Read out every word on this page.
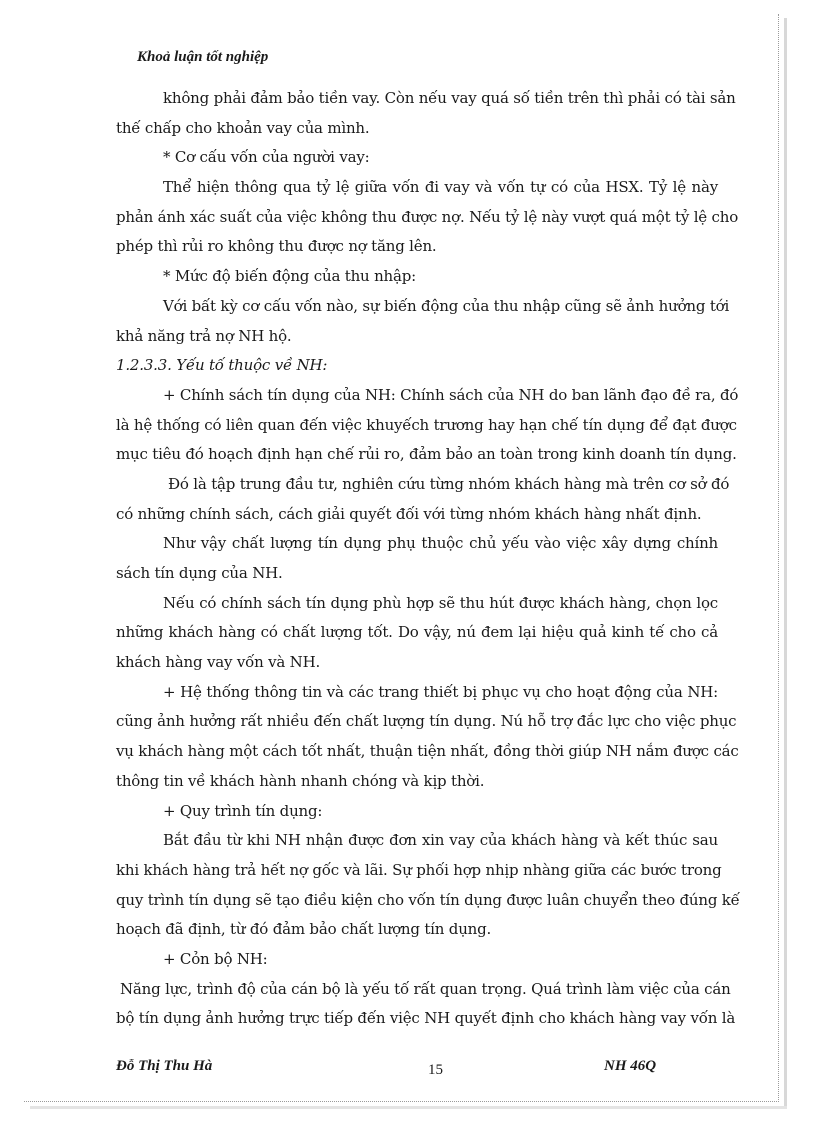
Khoả luận tốt nghiệp
không phải đảm bảo tiền vay. Còn nếu vay quá số tiền trên thì phải có tài sản
thế chấp cho khoản vay của mình.
* Cơ cấu vốn của người vay:
Thể hiện thông qua tỷ lệ giữa vốn đi vay và vốn tự có của HSX. Tỷ lệ này
phản ánh xác suất của việc không thu được nợ. Nếu tỷ lệ này vượt quá một tỷ lệ cho
phép thì rủi ro không thu được nợ tăng lên.
* Mức độ biến động của thu nhập:
Với bất kỳ cơ cấu vốn nào, sự biến động của thu nhập cũng sẽ ảnh hưởng tới
khả năng trả nợ NH hộ.
1.2.3.3. Yếu tố thuộc về NH:
+ Chính sách tín dụng của NH: Chính sách của NH do ban lãnh đạo đề ra, đó
là hệ thống có liên quan đến việc khuyếch trương hay hạn chế tín dụng để đạt được
mục tiêu đó hoạch định hạn chế rủi ro, đảm bảo an toàn trong kinh doanh tín dụng.
Đó là tập trung đầu tư, nghiên cứu từng nhóm khách hàng mà trên cơ sở đó
có những chính sách, cách giải quyết đối với từng nhóm khách hàng nhất định.
Như vậy chất lượng tín dụng phụ thuộc chủ yếu vào việc xây dựng chính
sách tín dụng của NH.
Nếu có chính sách tín dụng phù hợp sẽ thu hút được khách hàng, chọn lọc
những khách hàng có chất lượng tốt. Do vậy, nú đem lại hiệu quả kinh tế cho cả
khách hàng vay vốn và NH.
+ Hệ thống thông tin và các trang thiết bị phục vụ cho hoạt động của NH:
cũng ảnh hưởng rất nhiều đến chất lượng tín dụng. Nú hỗ trợ đắc lực cho việc phục
vụ khách hàng một cách tốt nhất, thuận tiện nhất, đồng thời giúp NH nắm được các
thông tin về khách hành nhanh chóng và kịp thời.
+ Quy trình tín dụng:
Bắt đầu từ khi NH nhận được đơn xin vay của khách hàng và kết thúc sau
khi khách hàng trả hết nợ gốc và lãi. Sự phối hợp nhịp nhàng giữa các bước trong
quy trình tín dụng sẽ tạo điều kiện cho vốn tín dụng được luân chuyển theo đúng kế
hoạch đã định, từ đó đảm bảo chất lượng tín dụng.
+ Cỏn bộ NH:
Năng lực, trình độ của cán bộ là yếu tố rất quan trọng. Quá trình làm việc của cán
bộ tín dụng ảnh hưởng trực tiếp đến việc NH quyết định cho khách hàng vay vốn là
Đỗ Thị Thu Hà	15	NH 46Q
